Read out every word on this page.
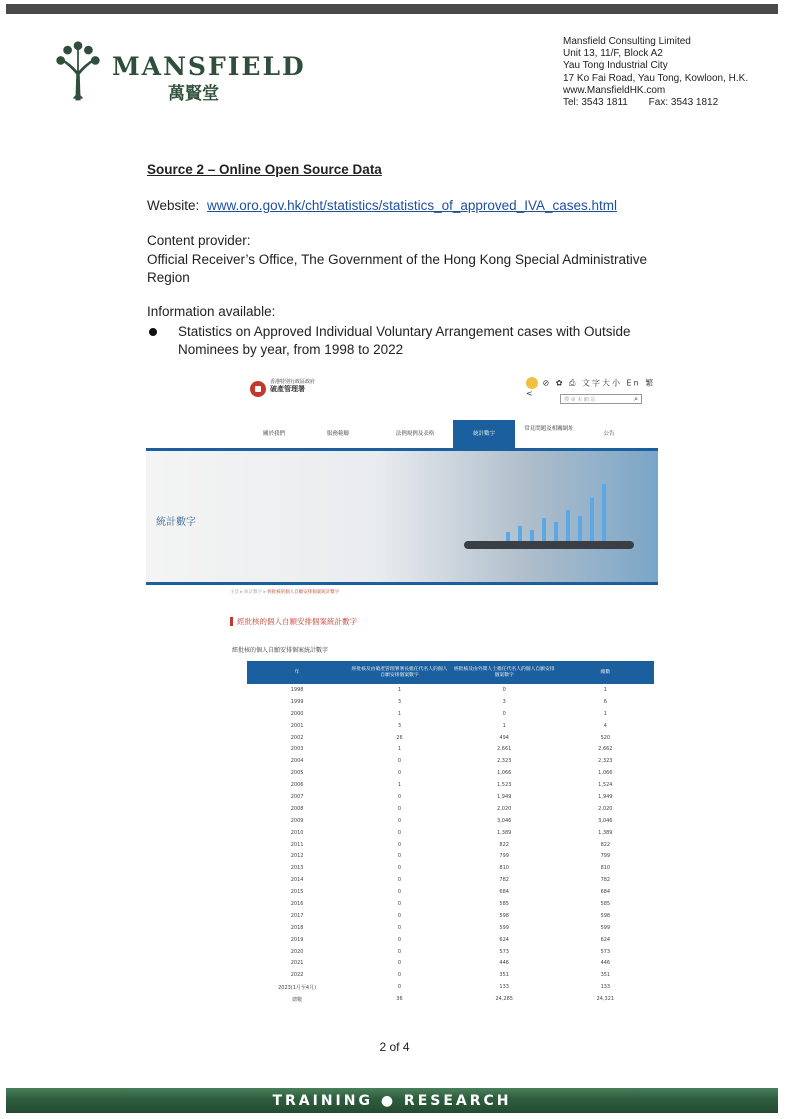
MANSFIELD
萬賢堂
Mansfield Consulting Limited
Unit 13, 11/F, Block A2
Yau Tong Industrial City
17 Ko Fai Road, Yau Tong, Kowloon, H.K.
www.MansfieldHK.com
Tel: 3543 1811 Fax: 3543 1812
Source 2 – Online Open Source Data
Website: www.oro.gov.hk/cht/statistics/statistics_of_approved_IVA_cases.html
Content provider:
Official Receiver’s Office, The Government of the Hong Kong Special Administrative Region
Information available:
Statistics on Approved Individual Voluntary Arrangement cases with Outside Nominees by year, from 1998 to 2022
香港特別行政區政府
破產管理署
⊘ ✿ ⎙ 文字大小 En 繁 <
搜 尋 本 網 站	⌕
關於我們	服務範疇	法例規例及表格	統計數字
常見問題及相關網址
公告
統計數字
主頁 ▸ 統計數字 ▸ 經批核的個人自願安排個案統計數字
經批核的個人自願安排個案統計數字
經批核的個人自願安排個案統計數字
年	經批核及由破產管理署署長擔任代名人的個人自願安排個案數字	經批核及由外間人士擔任代名人的個人自願安排個案數字	總數
1998	1	0	1
1999	3	3	6
2000	1	0	1
2001	3	1	4
2002	26	494	520
2003	1	2,661	2,662
2004	0	2,323	2,323
2005	0	1,066	1,066
2006	1	1,523	1,524
2007	0	1,949	1,949
2008	0	2,020	2,020
2009	0	3,046	3,046
2010	0	1,389	1,389
2011	0	822	822
2012	0	799	799
2013	0	810	810
2014	0	782	782
2015	0	684	684
2016	0	585	585
2017	0	598	598
2018	0	599	599
2019	0	624	624
2020	0	573	573
2021	0	446	446
2022	0	351	351
2023(1月至4月)	0	133	133
總數	36	24,285	24,321
2 of 4
TRAINING ● RESEARCH
